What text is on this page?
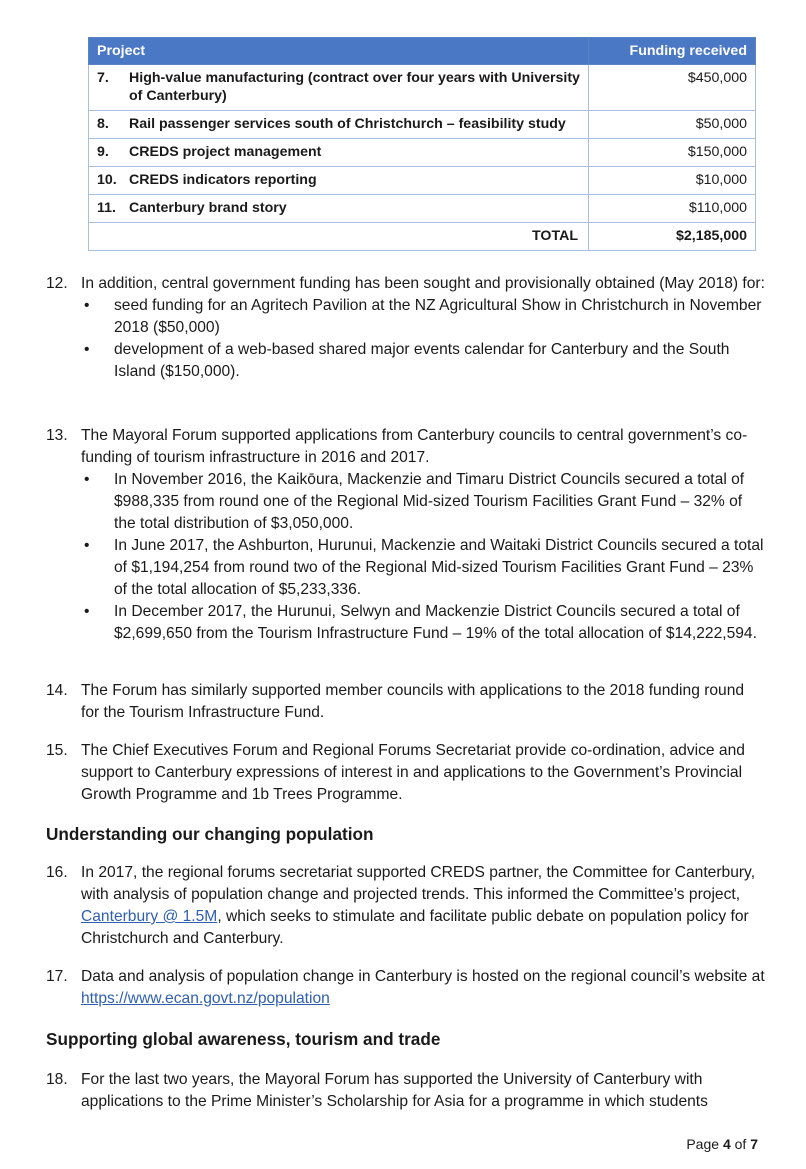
Project	Funding received

7. High-value manufacturing (contract over four years with University of Canterbury)	$450,000

8. Rail passenger services south of Christchurch – feasibility study	$50,000

9. CREDS project management	$150,000

10. CREDS indicators reporting	$10,000

11. Canterbury brand story	$110,000
TOTAL	$2,185,000
12. In addition, central government funding has been sought and provisionally obtained (May 2018) for:
• seed funding for an Agritech Pavilion at the NZ Agricultural Show in Christchurch in November 2018 ($50,000)
• development of a web-based shared major events calendar for Canterbury and the South Island ($150,000).
13. The Mayoral Forum supported applications from Canterbury councils to central government’s co-funding of tourism infrastructure in 2016 and 2017.
• In November 2016, the Kaikōura, Mackenzie and Timaru District Councils secured a total of $988,335 from round one of the Regional Mid-sized Tourism Facilities Grant Fund – 32% of the total distribution of $3,050,000.
• In June 2017, the Ashburton, Hurunui, Mackenzie and Waitaki District Councils secured a total of $1,194,254 from round two of the Regional Mid-sized Tourism Facilities Grant Fund – 23% of the total allocation of $5,233,336.
• In December 2017, the Hurunui, Selwyn and Mackenzie District Councils secured a total of $2,699,650 from the Tourism Infrastructure Fund – 19% of the total allocation of $14,222,594.
14. The Forum has similarly supported member councils with applications to the 2018 funding round for the Tourism Infrastructure Fund.
15. The Chief Executives Forum and Regional Forums Secretariat provide co-ordination, advice and support to Canterbury expressions of interest in and applications to the Government’s Provincial Growth Programme and 1b Trees Programme.
Understanding our changing population
16. In 2017, the regional forums secretariat supported CREDS partner, the Committee for Canterbury, with analysis of population change and projected trends. This informed the Committee’s project, Canterbury @ 1.5M, which seeks to stimulate and facilitate public debate on population policy for Christchurch and Canterbury.
17. Data and analysis of population change in Canterbury is hosted on the regional council’s website at https://www.ecan.govt.nz/population
Supporting global awareness, tourism and trade
18. For the last two years, the Mayoral Forum has supported the University of Canterbury with applications to the Prime Minister’s Scholarship for Asia for a programme in which students
Page 4 of 7
